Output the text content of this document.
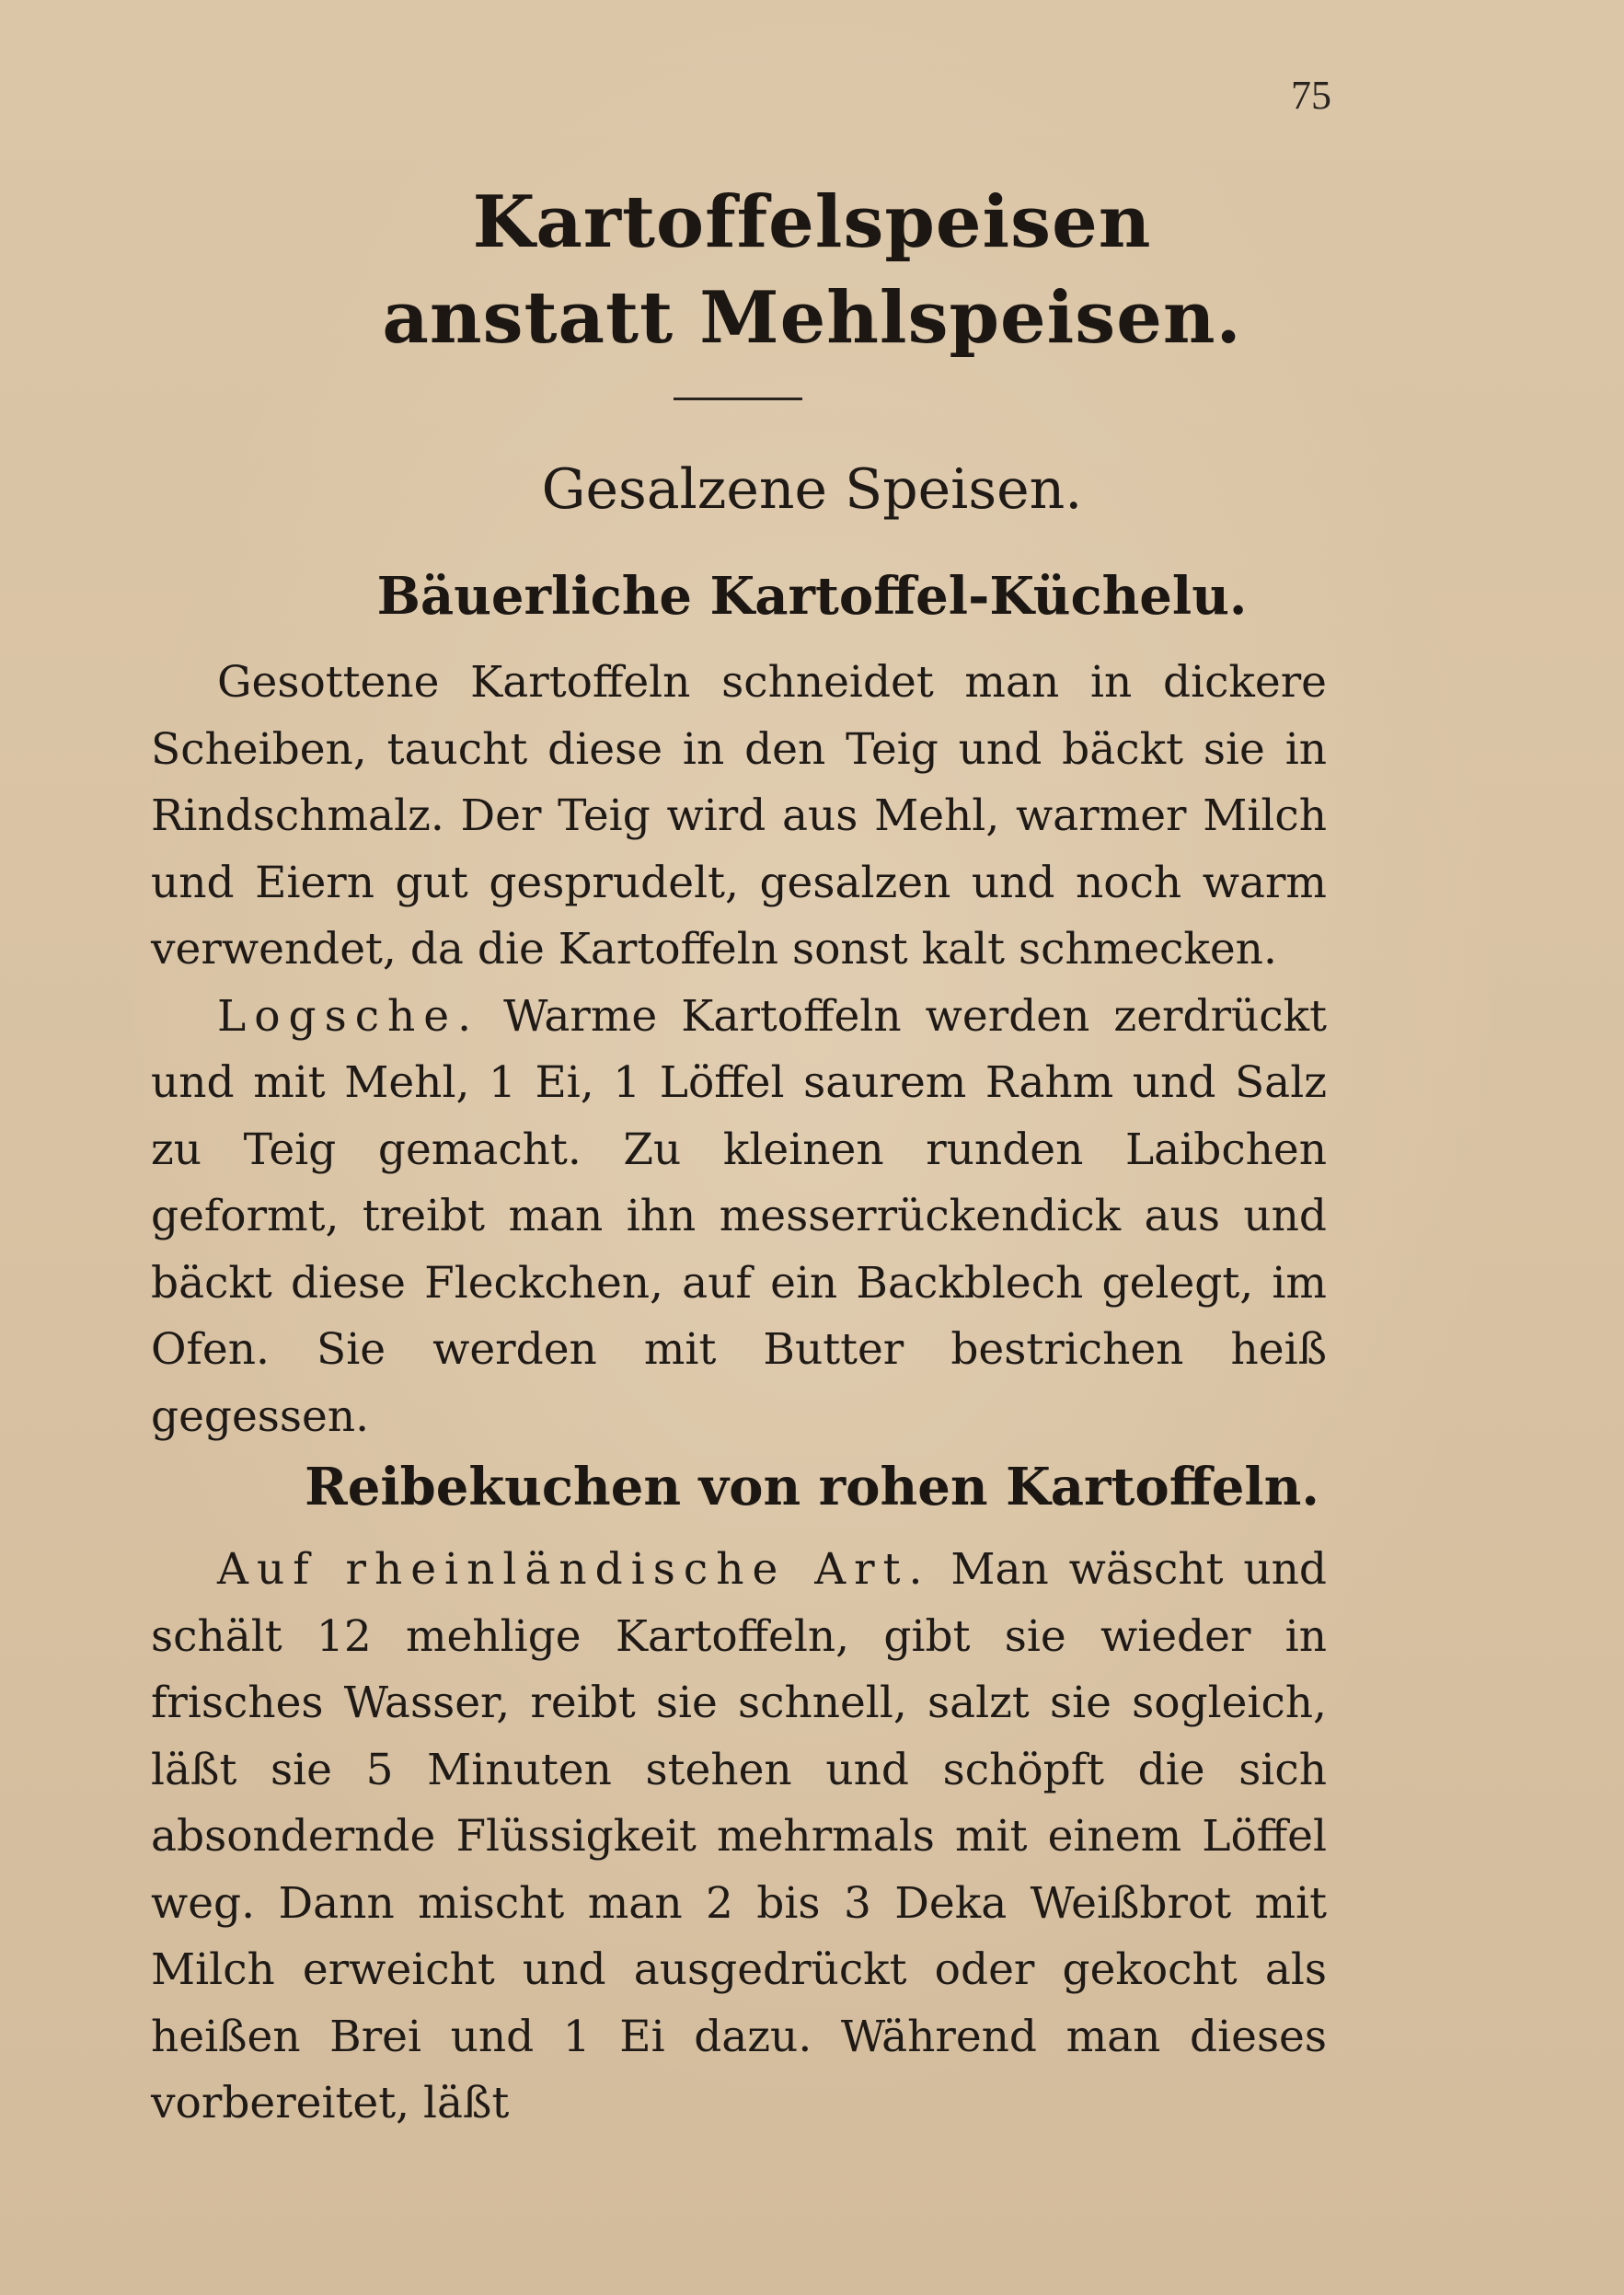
75
Kartoffelspeisen
anstatt Mehlspeisen.
Gesalzene Speisen.
Bäuerliche Kartoffel-Küchelu.

Gesottene Kartoffeln schneidet man in dickere Scheiben, taucht diese in den Teig und bäckt sie in Rindschmalz. Der Teig wird aus Mehl, warmer Milch und Eiern gut gesprudelt, gesalzen und noch warm verwendet, da die Kartoffeln sonst kalt schmecken.

Logsche. Warme Kartoffeln werden zerdrückt und mit Mehl, 1 Ei, 1 Löffel saurem Rahm und Salz zu Teig gemacht. Zu kleinen runden Laibchen geformt, treibt man ihn messerrückendick aus und bäckt diese Fleckchen, auf ein Backblech gelegt, im Ofen. Sie werden mit Butter bestrichen heiß gegessen.

Reibekuchen von rohen Kartoffeln.

Auf rheinländische Art. Man wäscht und schält 12 mehlige Kartoffeln, gibt sie wieder in frisches Wasser, reibt sie schnell, salzt sie sogleich, läßt sie 5 Minuten stehen und schöpft die sich absondernde Flüssigkeit mehrmals mit einem Löffel weg. Dann mischt man 2 bis 3 Deka Weißbrot mit Milch erweicht und ausgedrückt oder gekocht als heißen Brei und 1 Ei dazu. Während man dieses vorbereitet, läßt
